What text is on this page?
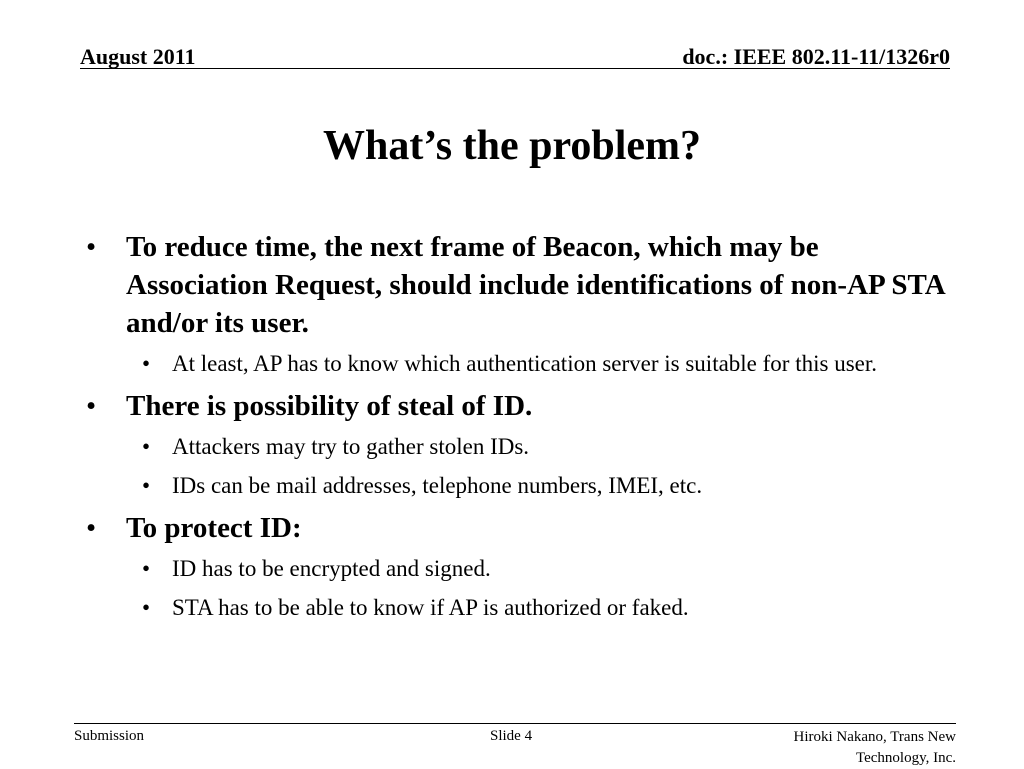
August 2011	doc.: IEEE 802.11-11/1326r0
What’s the problem?
• To reduce time, the next frame of Beacon, which may be Association Request, should include identifications of non-AP STA and/or its user.
• At least, AP has to know which authentication server is suitable for this user.
• There is possibility of steal of ID.
• Attackers may try to gather stolen IDs.
• IDs can be mail addresses, telephone numbers, IMEI, etc.
• To protect ID:
• ID has to be encrypted and signed.
• STA has to be able to know if AP is authorized or faked.
Submission	Slide 4	Hiroki Nakano, Trans New Technology, Inc.
